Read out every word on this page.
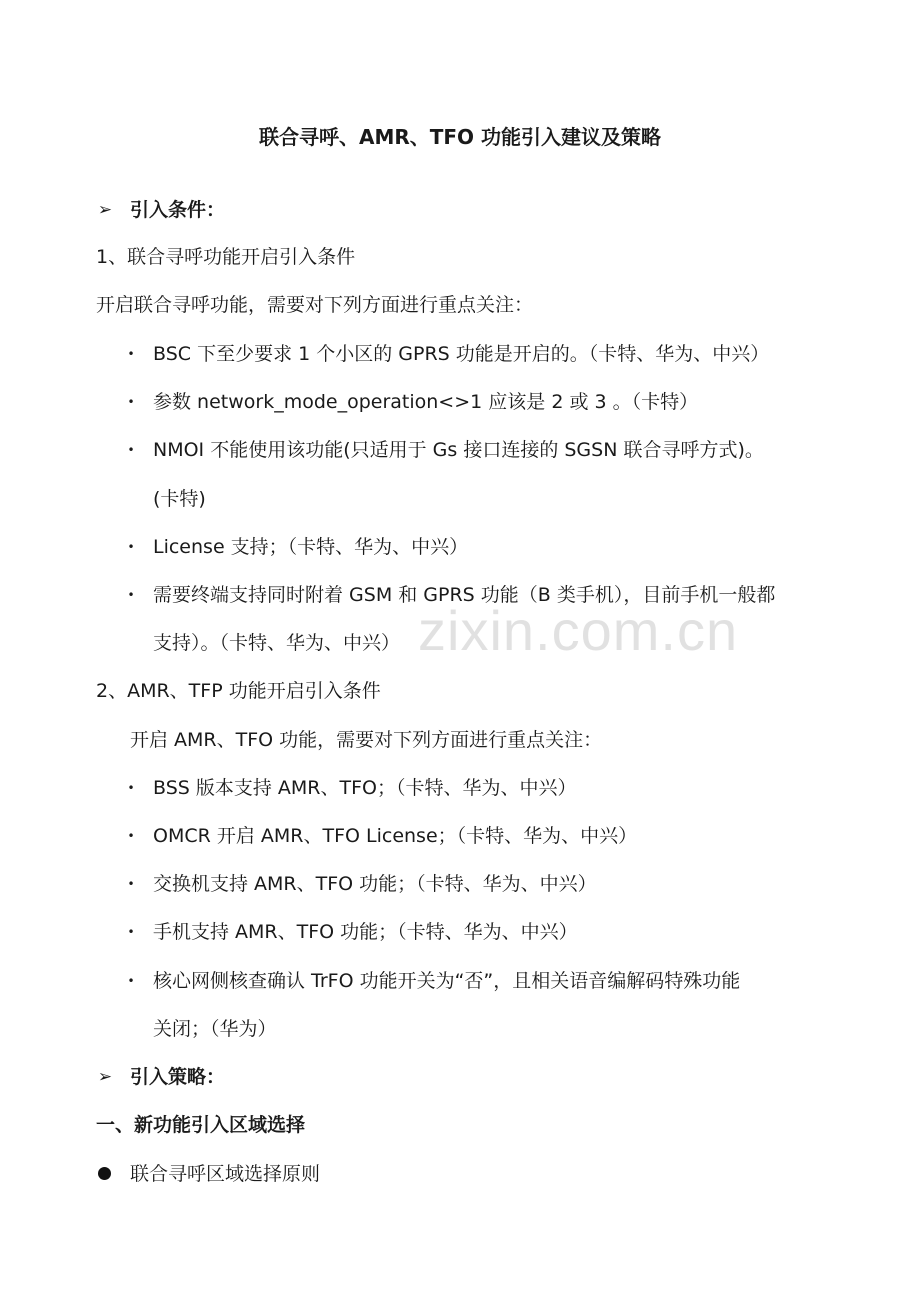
联合寻呼、AMR、TFO 功能引入建议及策略
➢ 引入条件：
1、联合寻呼功能开启引入条件
开启联合寻呼功能，需要对下列方面进行重点关注：
• BSC 下至少要求 1 个小区的 GPRS 功能是开启的。（卡特、华为、中兴）
• 参数 network_mode_operation<>1 应该是 2 或 3 。（卡特）
• NMOI 不能使用该功能(只适用于 Gs 接口连接的 SGSN 联合寻呼方式)。
(卡特)
• License 支持；（卡特、华为、中兴）
• 需要终端支持同时附着 GSM 和 GPRS 功能（B 类手机），目前手机一般都
支持）。（卡特、华为、中兴）
2、AMR、TFP 功能开启引入条件
开启 AMR、TFO 功能，需要对下列方面进行重点关注：
• BSS 版本支持 AMR、TFO；（卡特、华为、中兴）
• OMCR 开启 AMR、TFO License；（卡特、华为、中兴）
• 交换机支持 AMR、TFO 功能；（卡特、华为、中兴）
• 手机支持 AMR、TFO 功能；（卡特、华为、中兴）
• 核心网侧核查确认 TrFO 功能开关为“否”，且相关语音编解码特殊功能
关闭；（华为）
➢ 引入策略：
一、新功能引入区域选择
联合寻呼区域选择原则
zixin.com.cn
